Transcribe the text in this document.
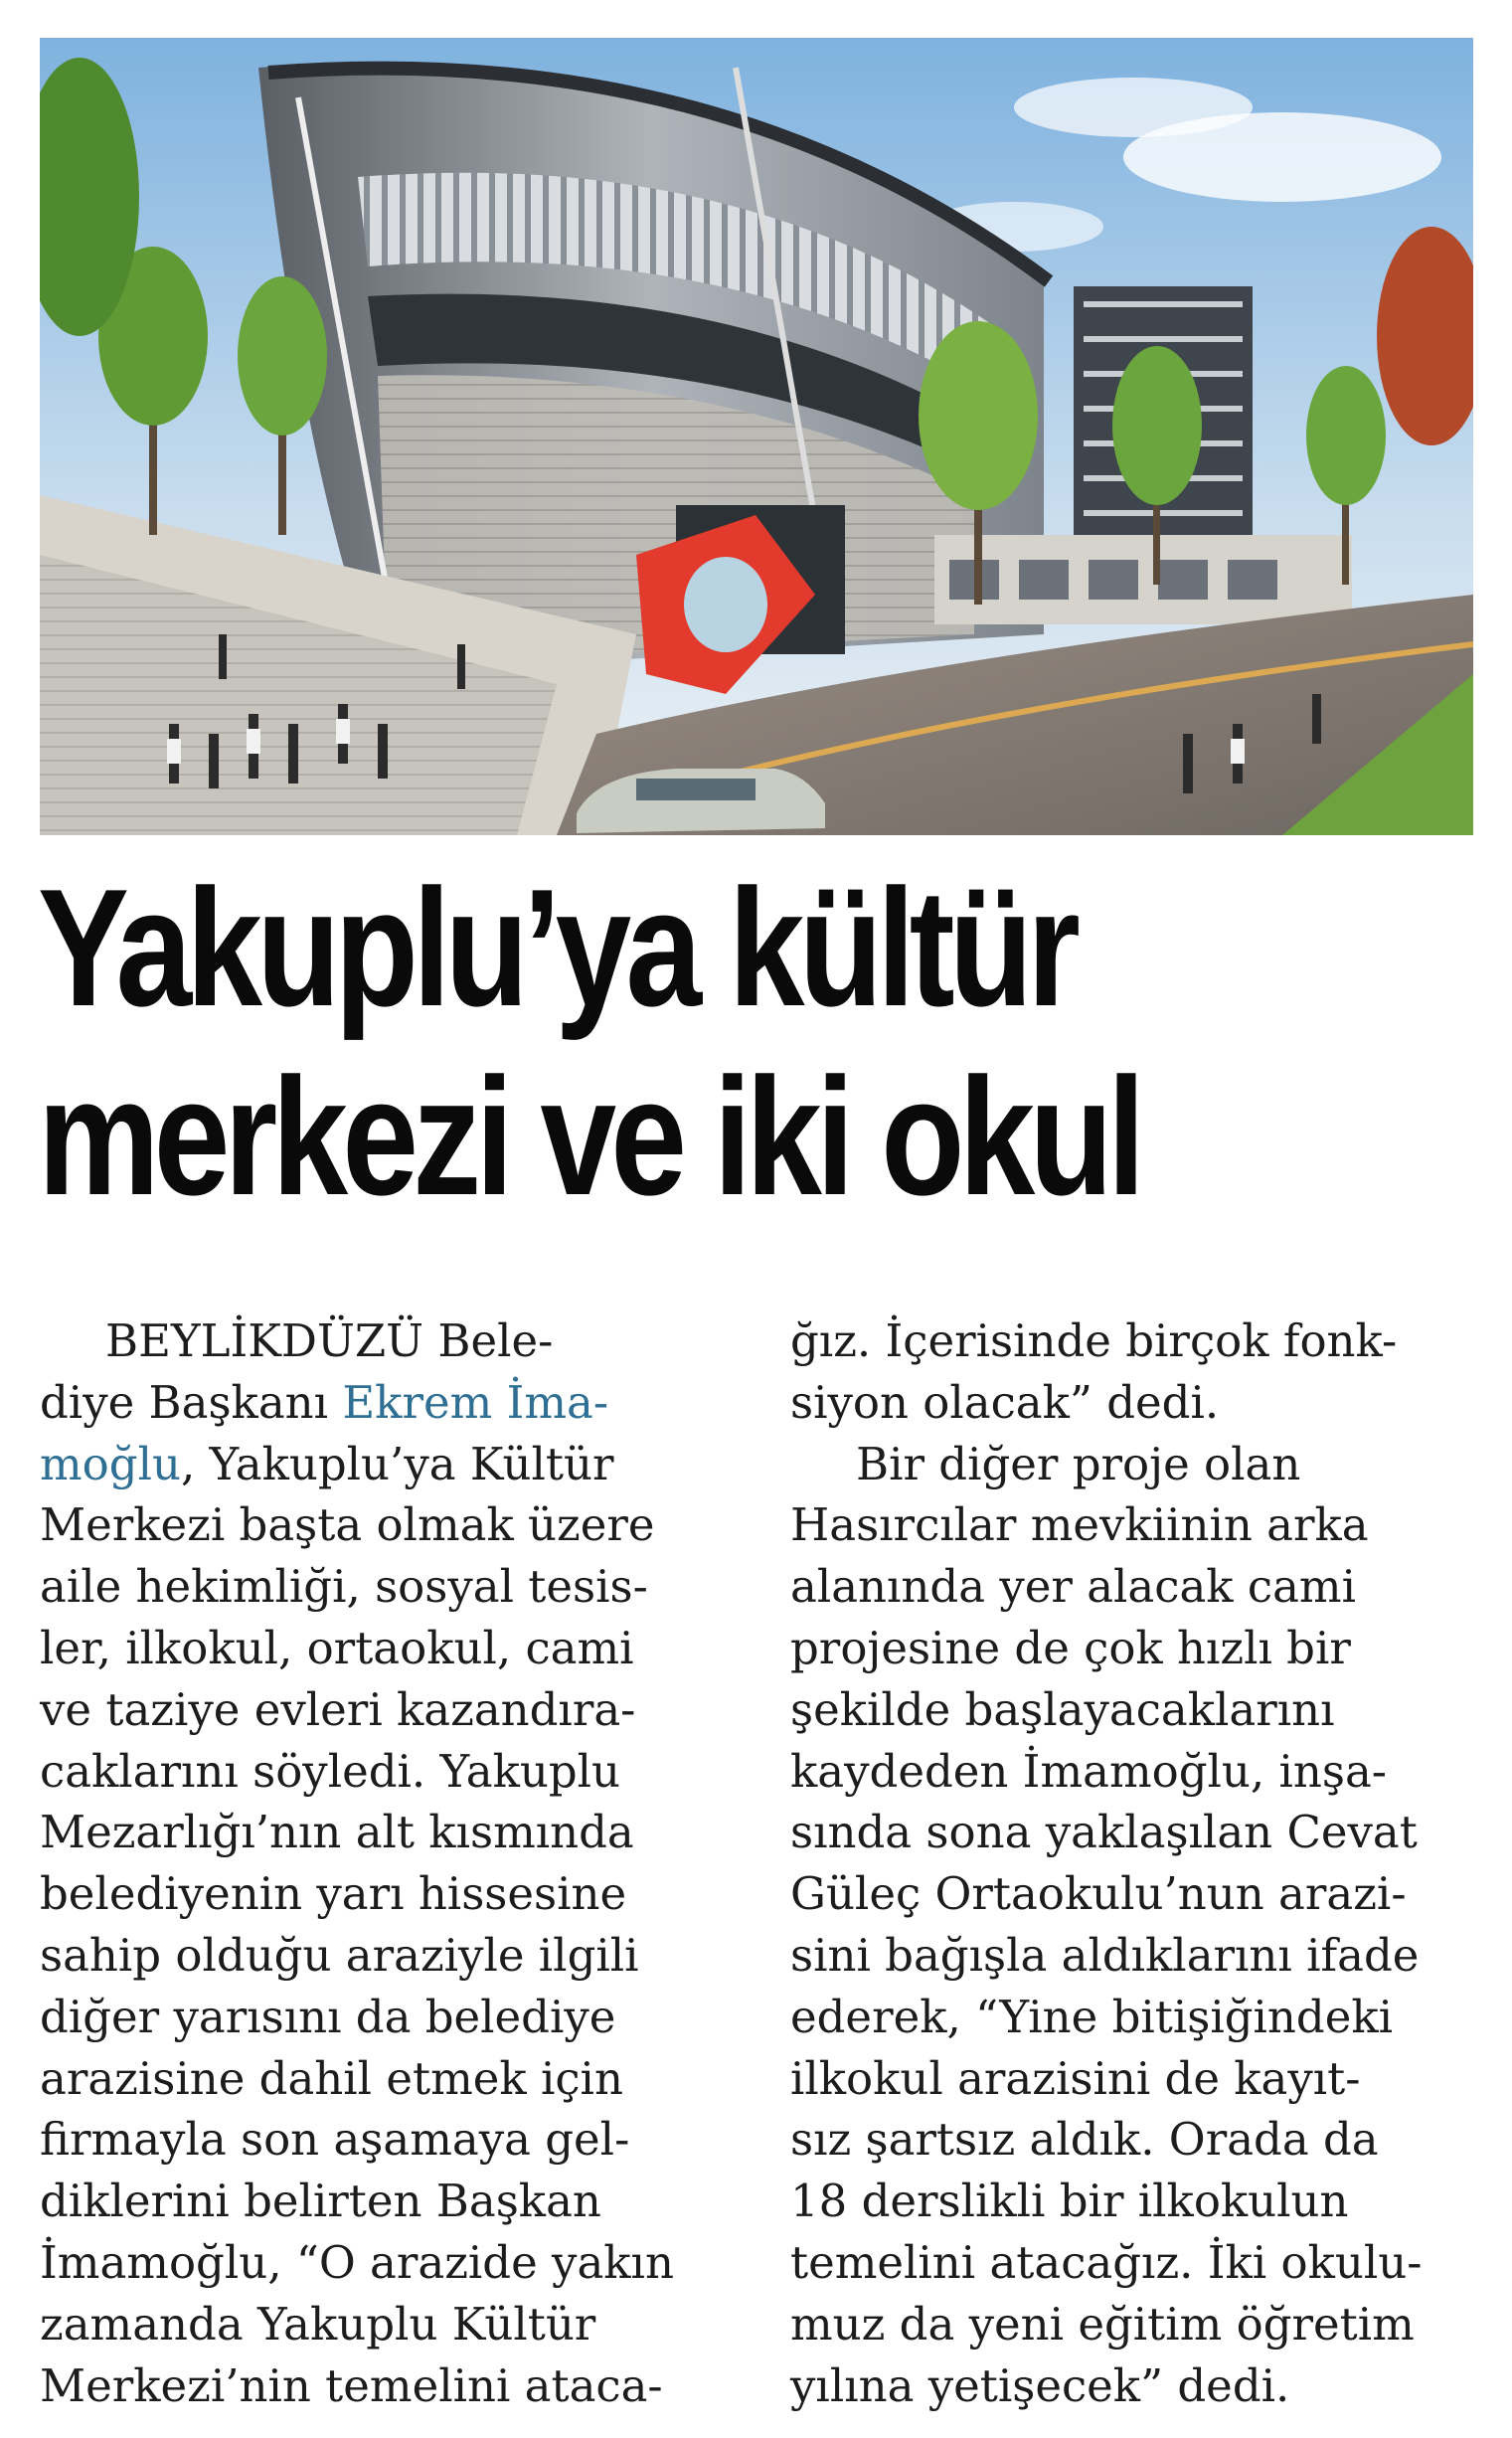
Yakuplu’ya kültür
merkezi ve iki okul
BEYLİKDÜZÜ Bele-
diye Başkanı Ekrem İma-
moğlu, Yakuplu’ya Kültür
Merkezi başta olmak üzere
aile hekimliği, sosyal tesis-
ler, ilkokul, ortaokul, cami
ve taziye evleri kazandıra-
caklarını söyledi. Yakuplu
Mezarlığı’nın alt kısmında
belediyenin yarı hissesine
sahip olduğu araziyle ilgili
diğer yarısını da belediye
arazisine dahil etmek için
firmayla son aşamaya gel-
diklerini belirten Başkan
İmamoğlu, “O arazide yakın
zamanda Yakuplu Kültür
Merkezi’nin temelini ataca-
ğız. İçerisinde birçok fonk-
siyon olacak” dedi.
Bir diğer proje olan
Hasırcılar mevkiinin arka
alanında yer alacak cami
projesine de çok hızlı bir
şekilde başlayacaklarını
kaydeden İmamoğlu, inşa-
sında sona yaklaşılan Cevat
Güleç Ortaokulu’nun arazi-
sini bağışla aldıklarını ifade
ederek, “Yine bitişiğindeki
ilkokul arazisini de kayıt-
sız şartsız aldık. Orada da
18 derslikli bir ilkokulun
temelini atacağız. İki okulu-
muz da yeni eğitim öğretim
yılına yetişecek” dedi.
